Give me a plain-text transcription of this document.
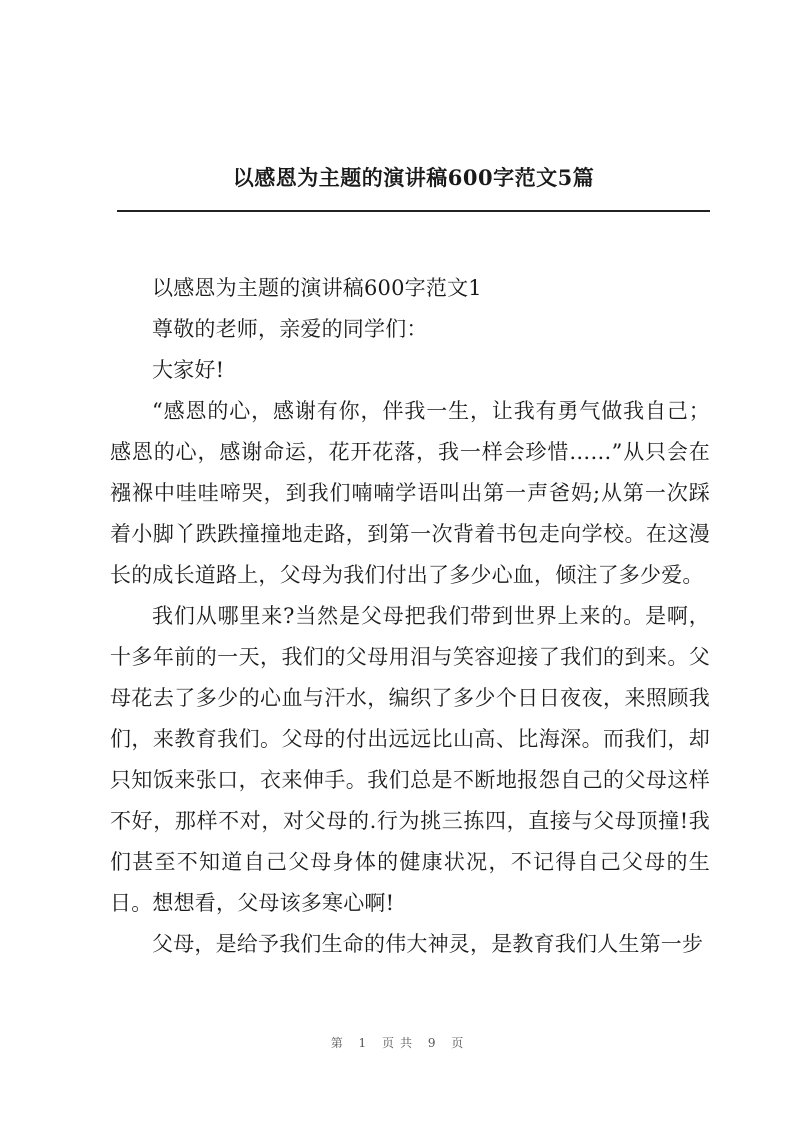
以感恩为主题的演讲稿600字范文5篇

以感恩为主题的演讲稿600字范文1

尊敬的老师，亲爱的同学们：

大家好!

“感恩的心，感谢有你，伴我一生，让我有勇气做我自己；感恩的心，感谢命运，花开花落，我一样会珍惜……”从只会在襁褓中哇哇啼哭，到我们喃喃学语叫出第一声爸妈;从第一次踩着小脚丫跌跌撞撞地走路，到第一次背着书包走向学校。在这漫长的成长道路上，父母为我们付出了多少心血，倾注了多少爱。

我们从哪里来?当然是父母把我们带到世界上来的。是啊，十多年前的一天，我们的父母用泪与笑容迎接了我们的到来。父母花去了多少的心血与汗水，编织了多少个日日夜夜，来照顾我们，来教育我们。父母的付出远远比山高、比海深。而我们，却只知饭来张口，衣来伸手。我们总是不断地报怨自己的父母这样不好，那样不对，对父母的.行为挑三拣四，直接与父母顶撞!我们甚至不知道自己父母身体的健康状况，不记得自己父母的生日。想想看，父母该多寒心啊!

父母，是给予我们生命的伟大神灵，是教育我们人生第一步

第 1 页共 9 页
